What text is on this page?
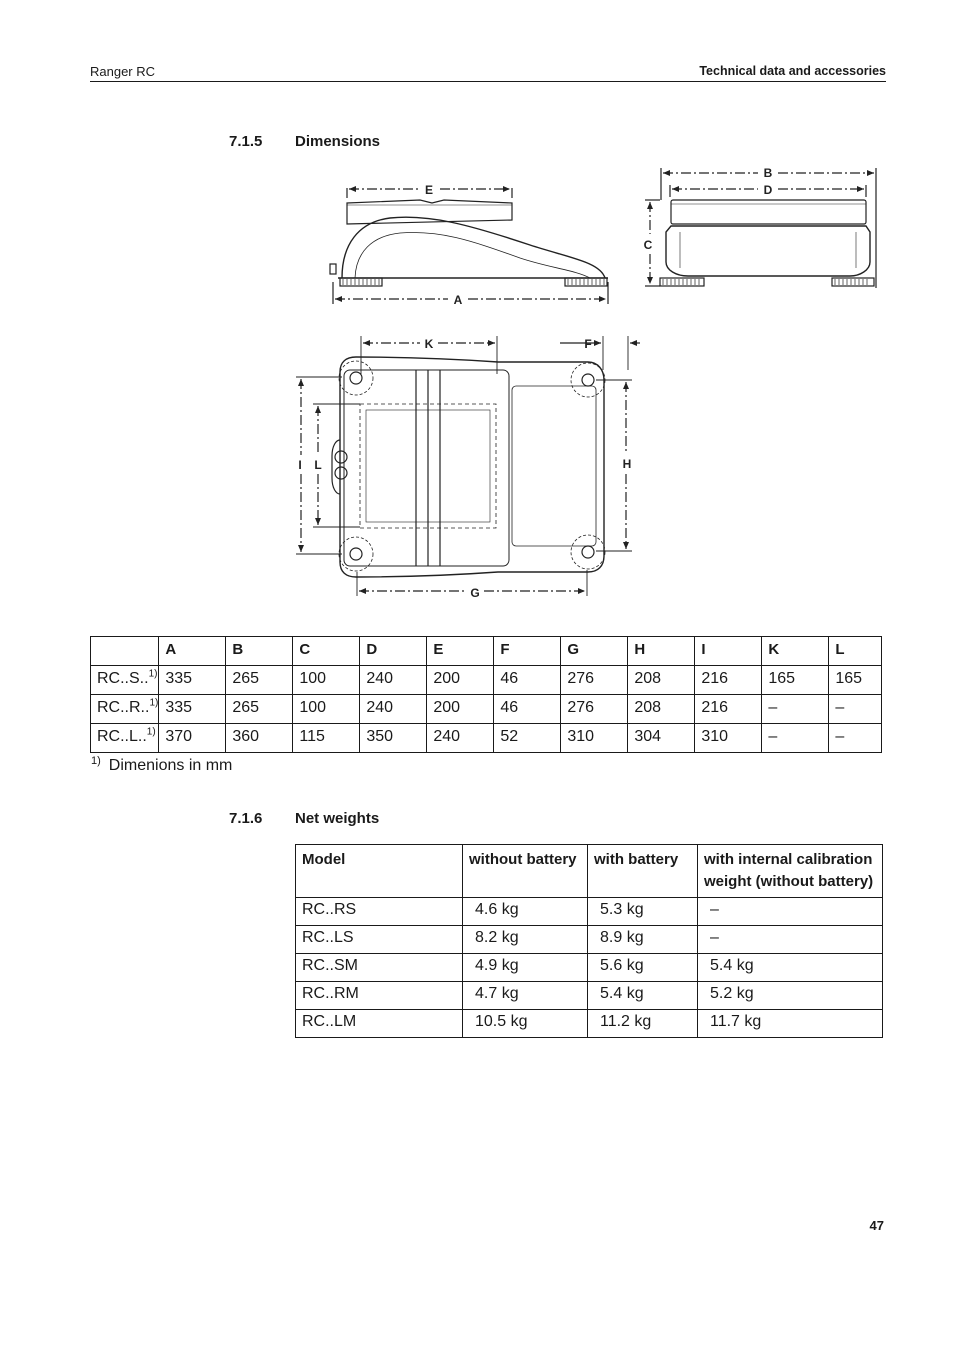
Ranger RC	Technical data and accessories
7.1.5 Dimensions
E
A
B
D
C
K	F
I L	H
G
	A	B	C	D	E	F	G	H	I	K	L
RC..S..$^{1)}$	335	265	100	240	200	46	276	208	216	165	165
RC..R..$^{1)}$	335	265	100	240	200	46	276	208	216	–	–
RC..L..$^{1)}$	370	360	115	350	240	52	310	304	310	–	–
$^{1)}$ Dimenions in mm
7.1.6 Net weights
Model	without battery	with battery	with internal calibration weight (without battery)
RC..RS	4.6 kg	5.3 kg	–
RC..LS	8.2 kg	8.9 kg	–
RC..SM	4.9 kg	5.6 kg	5.4 kg
RC..RM	4.7 kg	5.4 kg	5.2 kg
RC..LM	10.5 kg	11.2 kg	11.7 kg
47
